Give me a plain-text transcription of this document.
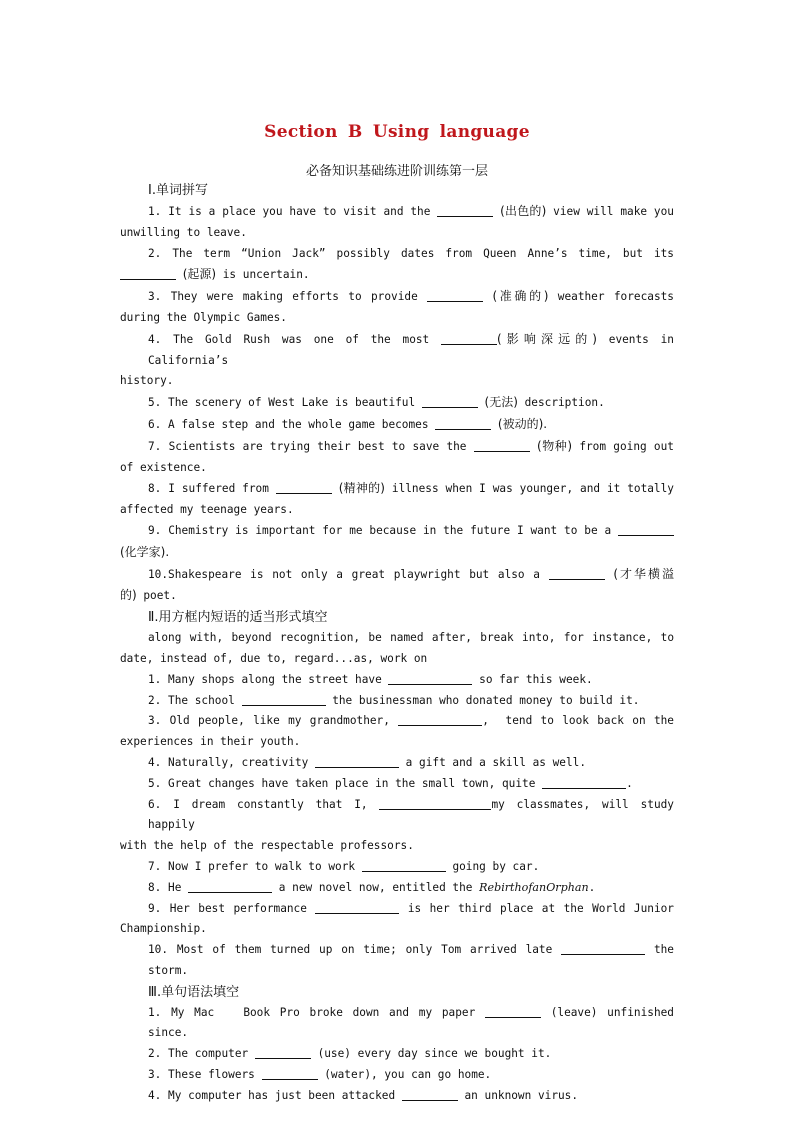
Section B Using language
必备知识基础练进阶训练第一层
Ⅰ.单词拼写
1. It is a place you have to visit and the	(出色的) view will make you
unwilling to leave.
2. The term “Union Jack” possibly dates from Queen Anne’s time, but its
(起源) is uncertain.
3. They were making efforts to provide	(准确的) weather forecasts
during the Olympic Games.
4. The Gold Rush was one of the most	(影响深远的) events in California’s
history.
5. The scenery of West Lake is beautiful	(无法) description.
6. A false step and the whole game becomes	(被动的).
7. Scientists are trying their best to save the	(物种) from going out
of existence.
8. I suffered from	(精神的) illness when I was younger, and it totally
affected my teenage years.
9. Chemistry is important for me because in the future I want to be a
(化学家).
10.Shakespeare is not only a great playwright but also a	(才华横溢
的) poet.
Ⅱ.用方框内短语的适当形式填空
along with, beyond recognition, be named after, break into, for instance, to
date, instead of, due to, regard...as, work on
1. Many shops along the street have	so far this week.
2. The school	the businessman who donated money to build it.
3. Old people, like my grandmother,	,  tend to look back on the
experiences in their youth.
4. Naturally, creativity	a gift and a skill as well.
5. Great changes have taken place in the small town, quite	.
6. I dream constantly that I,	my classmates, will study happily
with the help of the respectable professors.
7. Now I prefer to walk to work	going by car.
8. He	a new novel now, entitled the RebirthofanOrphan.
9. Her best performance	is her third place at the World Junior
Championship.
10. Most of them turned up on time; only Tom arrived late	the storm.
Ⅲ.单句语法填空
1. My Mac   Book Pro broke down and my paper	(leave) unfinished since.
2. The computer	(use) every day since we bought it.
3. These flowers	(water), you can go home.
4. My computer has just been attacked	an unknown virus.
